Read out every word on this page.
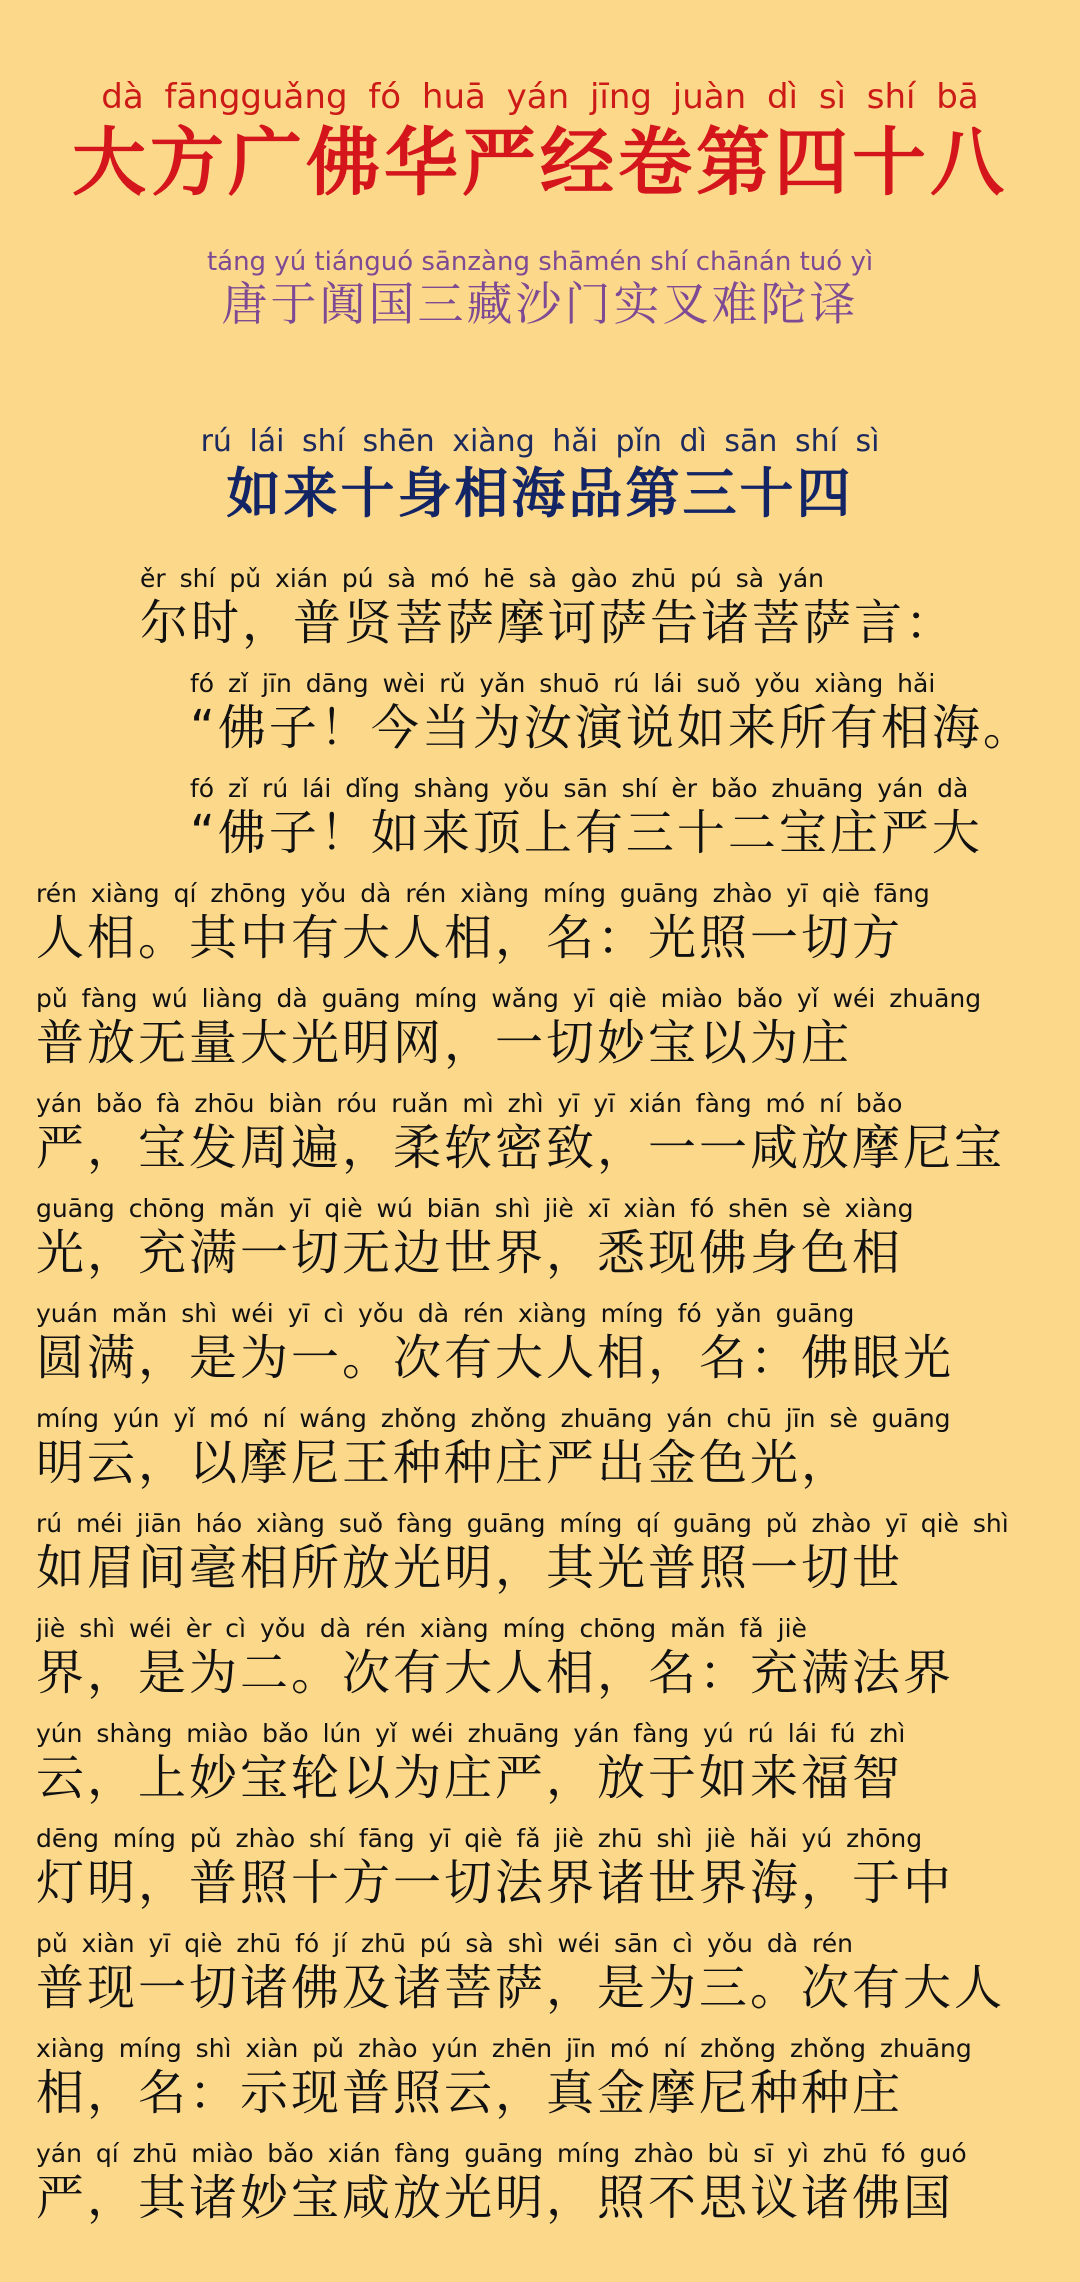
dà fāngguǎng fó huā yán jīng juàn dì sì shí bā
大方广佛华严经卷第四十八
táng yú tiánguó sānzàng shāmén shí chānán tuó yì
唐于阗国三藏沙门实叉难陀译
rú lái shí shēn xiàng hǎi pǐn dì sān shí sì
如来十身相海品第三十四
ěr shí pǔ xián pú sà mó hē sà gào zhū pú sà yán
尔时，普贤菩萨摩诃萨告诸菩萨言：
fó zǐ jīn dāng wèi rǔ yǎn shuō rú lái suǒ yǒu xiàng hǎi
“佛子！今当为汝演说如来所有相海。
fó zǐ rú lái dǐng shàng yǒu sān shí èr bǎo zhuāng yán dà
“佛子！如来顶上有三十二宝庄严大
rén xiàng qí zhōng yǒu dà rén xiàng míng guāng zhào yī qiè fāng
人相。其中有大人相，名：光照一切方
pǔ fàng wú liàng dà guāng míng wǎng yī qiè miào bǎo yǐ wéi zhuāng
普放无量大光明网，一切妙宝以为庄
yán bǎo fà zhōu biàn róu ruǎn mì zhì yī yī xián fàng mó ní bǎo
严，宝发周遍，柔软密致，一一咸放摩尼宝
guāng chōng mǎn yī qiè wú biān shì jiè xī xiàn fó shēn sè xiàng
光，充满一切无边世界，悉现佛身色相
yuán mǎn shì wéi yī cì yǒu dà rén xiàng míng fó yǎn guāng
圆满，是为一。次有大人相，名：佛眼光
míng yún yǐ mó ní wáng zhǒng zhǒng zhuāng yán chū jīn sè guāng
明云，以摩尼王种种庄严出金色光，
rú méi jiān háo xiàng suǒ fàng guāng míng qí guāng pǔ zhào yī qiè shì
如眉间毫相所放光明，其光普照一切世
jiè shì wéi èr cì yǒu dà rén xiàng míng chōng mǎn fǎ jiè
界，是为二。次有大人相，名：充满法界
yún shàng miào bǎo lún yǐ wéi zhuāng yán fàng yú rú lái fú zhì
云，上妙宝轮以为庄严，放于如来福智
dēng míng pǔ zhào shí fāng yī qiè fǎ jiè zhū shì jiè hǎi yú zhōng
灯明，普照十方一切法界诸世界海，于中
pǔ xiàn yī qiè zhū fó jí zhū pú sà shì wéi sān cì yǒu dà rén
普现一切诸佛及诸菩萨，是为三。次有大人
xiàng míng shì xiàn pǔ zhào yún zhēn jīn mó ní zhǒng zhǒng zhuāng
相，名：示现普照云，真金摩尼种种庄
yán qí zhū miào bǎo xián fàng guāng míng zhào bù sī yì zhū fó guó
严，其诸妙宝咸放光明，照不思议诸佛国
